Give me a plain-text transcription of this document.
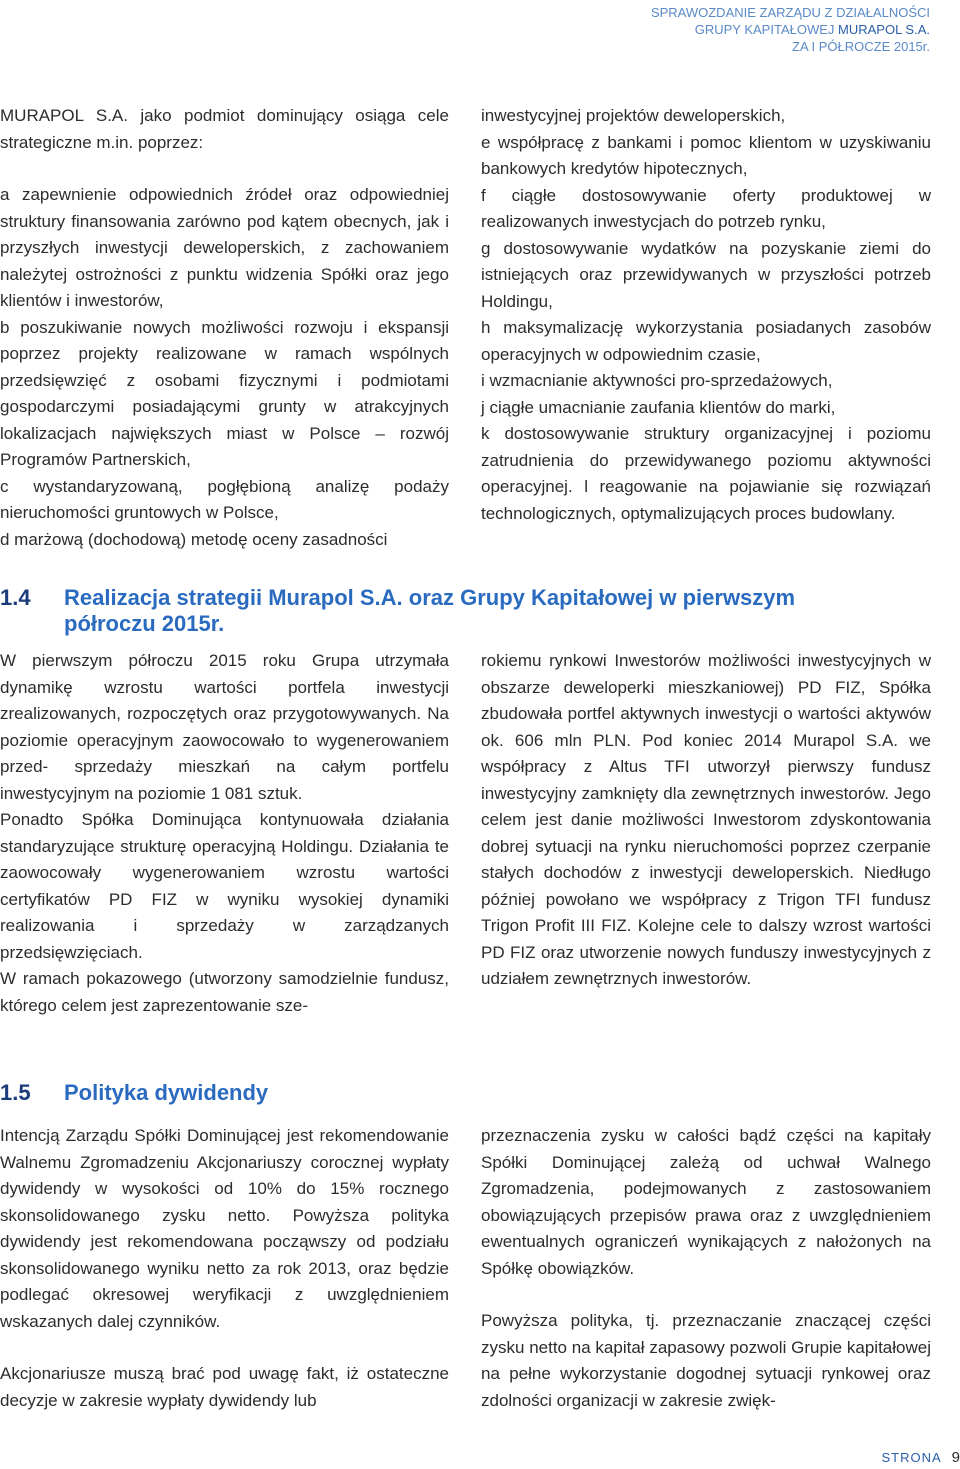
SPRAWOZDANIE ZARZĄDU Z DZIAŁALNOŚCI
GRUPY KAPITAŁOWEJ MURAPOL S.A.
ZA I PÓŁROCZE 2015r.

MURAPOL S.A. jako podmiot dominujący osiąga cele strategiczne m.in. poprzez:

a zapewnienie odpowiednich źródeł oraz odpowiedniej struktury finansowania zarówno pod kątem obecnych, jak i przyszłych inwestycji deweloperskich, z zachowaniem należytej ostrożności z punktu widzenia Spółki oraz jego klientów i inwestorów,

b poszukiwanie nowych możliwości rozwoju i ekspansji poprzez projekty realizowane w ramach wspólnych przedsięwzięć z osobami fizycznymi i podmiotami gospodarczymi posiadającymi grunty w atrakcyjnych lokalizacjach największych miast w Polsce – rozwój Programów Partnerskich,

c wystandaryzowaną, pogłębioną analizę podaży nieruchomości gruntowych w Polsce,

d marżową (dochodową) metodę oceny zasadności

inwestycyjnej projektów deweloperskich,

e współpracę z bankami i pomoc klientom w uzyskiwaniu bankowych kredytów hipotecznych,

f ciągłe dostosowywanie oferty produktowej w realizowanych inwestycjach do potrzeb rynku,

g dostosowywanie wydatków na pozyskanie ziemi do istniejących oraz przewidywanych w przyszłości potrzeb Holdingu,

h maksymalizację wykorzystania posiadanych zasobów operacyjnych w odpowiednim czasie,

i wzmacnianie aktywności pro-sprzedażowych,

j ciągłe umacnianie zaufania klientów do marki,

k dostosowywanie struktury organizacyjnej i poziomu zatrudnienia do przewidywanego poziomu aktywności operacyjnej. l reagowanie na pojawianie się rozwiązań technologicznych, optymalizujących proces budowlany.

1.4 Realizacja strategii Murapol S.A. oraz Grupy Kapitałowej w pierwszym
półroczu 2015r.

W pierwszym półroczu 2015 roku Grupa utrzymała dynamikę wzrostu wartości portfela inwestycji zrealizowanych, rozpoczętych oraz przygotowywanych. Na poziomie operacyjnym zaowocowało to wygenerowaniem przed- sprzedaży mieszkań na całym portfelu inwestycyjnym na poziomie 1 081 sztuk.

Ponadto Spółka Dominująca kontynuowała działania standaryzujące strukturę operacyjną Holdingu. Działania te zaowocowały wygenerowaniem wzrostu wartości certyfikatów PD FIZ w wyniku wysokiej dynamiki realizowania i sprzedaży w zarządzanych przedsięwzięciach.

W ramach pokazowego (utworzony samodzielnie fundusz, którego celem jest zaprezentowanie sze-

rokiemu rynkowi Inwestorów możliwości inwestycyjnych w obszarze deweloperki mieszkaniowej) PD FIZ, Spółka zbudowała portfel aktywnych inwestycji o wartości aktywów ok. 606 mln PLN. Pod koniec 2014 Murapol S.A. we współpracy z Altus TFI utworzył pierwszy fundusz inwestycyjny zamknięty dla zewnętrznych inwestorów. Jego celem jest danie możliwości Inwestorom zdyskontowania dobrej sytuacji na rynku nieruchomości poprzez czerpanie stałych dochodów z inwestycji deweloperskich. Niedługo później powołano we współpracy z Trigon TFI fundusz Trigon Profit III FIZ. Kolejne cele to dalszy wzrost wartości PD FIZ oraz utworzenie nowych funduszy inwestycyjnych z udziałem zewnętrznych inwestorów.

1.5 Polityka dywidendy

Intencją Zarządu Spółki Dominującej jest rekomendowanie Walnemu Zgromadzeniu Akcjonariuszy corocznej wypłaty dywidendy w wysokości od 10% do 15% rocznego skonsolidowanego zysku netto. Powyższa polityka dywidendy jest rekomendowana począwszy od podziału skonsolidowanego wyniku netto za rok 2013, oraz będzie podlegać okresowej weryfikacji z uwzględnieniem wskazanych dalej czynników.

Akcjonariusze muszą brać pod uwagę fakt, iż ostateczne decyzje w zakresie wypłaty dywidendy lub

przeznaczenia zysku w całości bądź części na kapitały Spółki Dominującej zależą od uchwał Walnego Zgromadzenia, podejmowanych z zastosowaniem obowiązujących przepisów prawa oraz z uwzględnieniem ewentualnych ograniczeń wynikających z nałożonych na Spółkę obowiązków.

Powyższa polityka, tj. przeznaczanie znaczącej części zysku netto na kapitał zapasowy pozwoli Grupie kapitałowej na pełne wykorzystanie dogodnej sytuacji rynkowej oraz zdolności organizacji w zakresie zwięk-

STRONA 9
